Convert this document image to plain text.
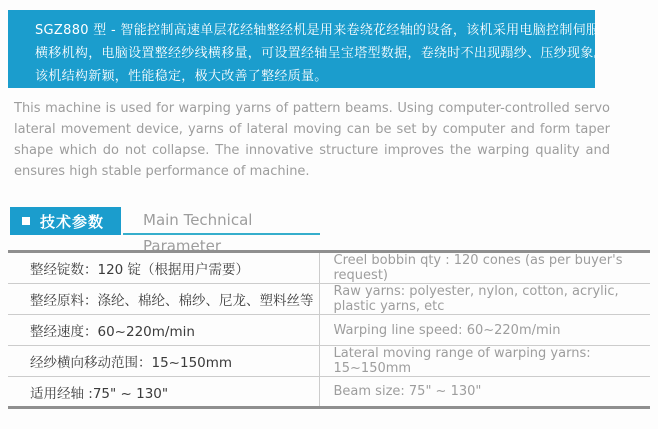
SGZ880 型 - 智能控制高速单层花经轴整经机是用来卷绕花经轴的设备，该机采用电脑控制伺服
横移机构，电脑设置整经纱线横移量，可设置经轴呈宝塔型数据，卷绕时不出现蹋纱、压纱现象。
该机结构新颖，性能稳定，极大改善了整经质量。

This machine is used for warping yarns of pattern beams. Using computer-controlled servo lateral movement device, yarns of lateral moving can be set by computer and form taper shape which do not collapse. The innovative structure improves the warping quality and ensures high stable performance of machine.

技术参数	Main Technical Parameter
整经锭数：120 锭（根据用户需要）	Creel bobbin qty : 120 cones (as per buyer's request)
整经原料：涤纶、棉纶、棉纱、尼龙、塑料丝等	Raw yarns: polyester, nylon, cotton, acrylic, plastic yarns, etc
整经速度：60~220m/min	Warping line speed: 60~220m/min
经纱横向移动范围：15~150mm	Lateral moving range of warping yarns: 15~150mm
适用经轴 :75" ~ 130"	Beam size: 75" ~ 130"
